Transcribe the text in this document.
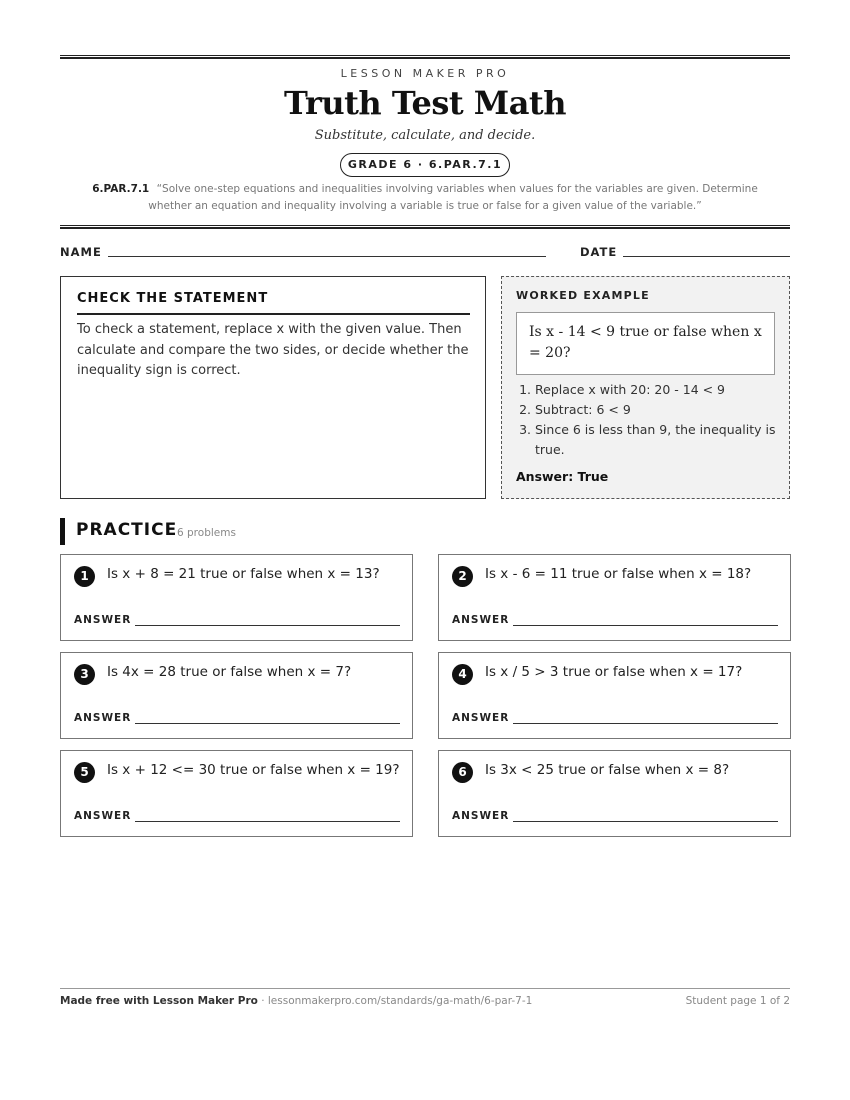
LESSON MAKER PRO
Truth Test Math
Substitute, calculate, and decide.
GRADE 6 · 6.PAR.7.1
6.PAR.7.1 “Solve one-step equations and inequalities involving variables when values for the variables are given. Determine whether an equation and inequality involving a variable is true or false for a given value of the variable.”
NAME	DATE
CHECK THE STATEMENT
To check a statement, replace x with the given value. Then calculate and compare the two sides, or decide whether the inequality sign is correct.
WORKED EXAMPLE
Is x - 14 < 9 true or false when x = 20?
1. Replace x with 20: 20 - 14 < 9
2. Subtract: 6 < 9
3. Since 6 is less than 9, the inequality is true.
Answer: True
PRACTICE 6 problems
1	Is x + 8 = 21 true or false when x = 13?
ANSWER
2	Is x - 6 = 11 true or false when x = 18?
ANSWER
3	Is 4x = 28 true or false when x = 7?
ANSWER
4	Is x / 5 > 3 true or false when x = 17?
ANSWER
5	Is x + 12 <= 30 true or false when x = 19?
ANSWER
6	Is 3x < 25 true or false when x = 8?
ANSWER
Made free with Lesson Maker Pro · lessonmakerpro.com/standards/ga-math/6-par-7-1	Student page 1 of 2
